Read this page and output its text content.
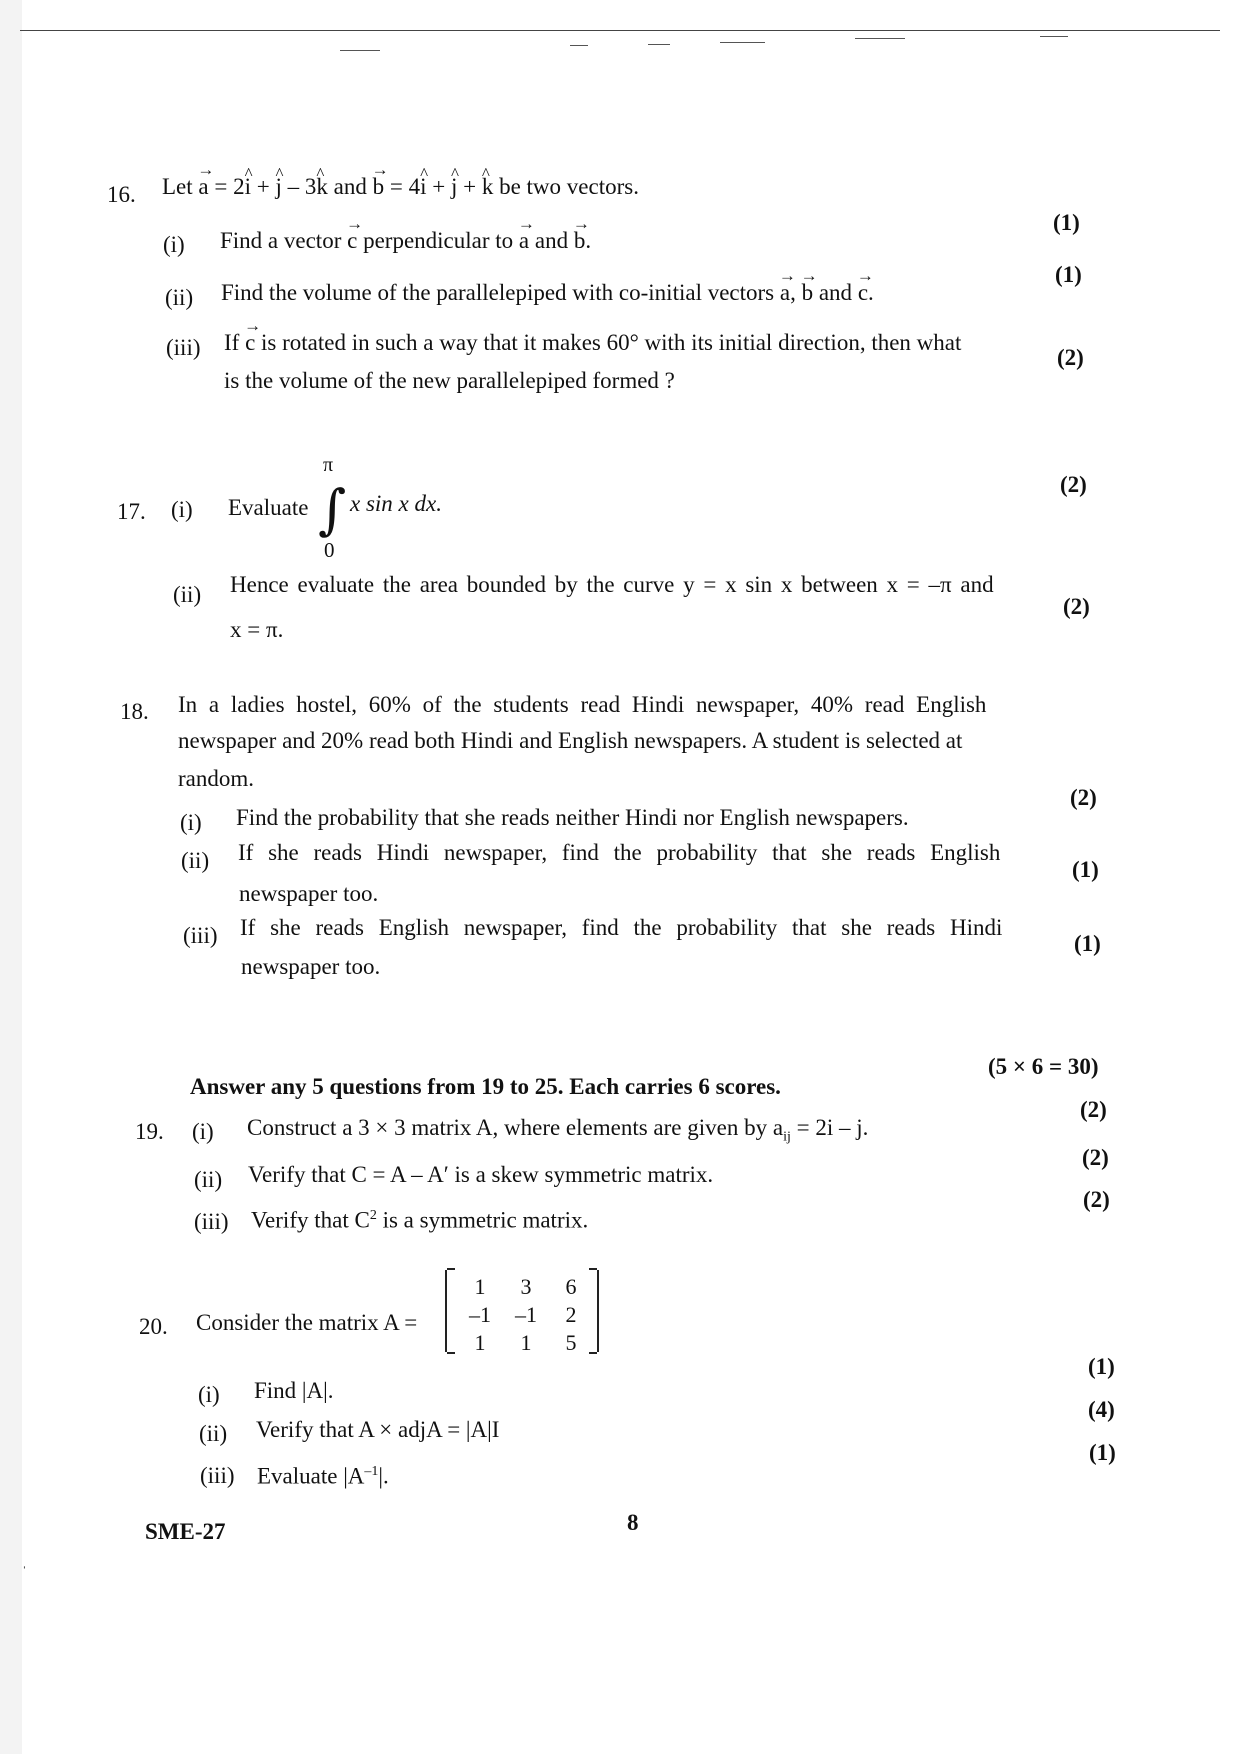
16. Let → a = 2^ i + ^ j – 3^ k and → b = 4^ i + ^ j + ^ k be two vectors.
(i) Find a vector → c perpendicular to → a and → b.
(1)
(ii) Find the volume of the parallelepiped with co-initial vectors → a, → b and → c.
(1)
(iii) If → c is rotated in such a way that it makes 60° with its initial direction, then what
is the volume of the new parallelepiped formed ?
(2)
17. (i) Evaluate
π
∫
0
x sin x dx.
(2)
(ii) Hence evaluate the area bounded by the curve y = x sin x between x = –π and
x = π.
(2)
18. In a ladies hostel, 60% of the students read Hindi newspaper, 40% read English
newspaper and 20% read both Hindi and English newspapers. A student is selected at
random.
(i) Find the probability that she reads neither Hindi nor English newspapers.
(2)
(ii) If she reads Hindi newspaper, find the probability that she reads English
newspaper too.
(1)
(iii) If she reads English newspaper, find the probability that she reads Hindi
newspaper too.
(1)
Answer any 5 questions from 19 to 25. Each carries 6 scores.
(5 × 6 = 30)
19. (i) Construct a 3 × 3 matrix A, where elements are given by $a_{ij} = 2i - j$.
(2)
(ii) Verify that C = A – A′ is a skew symmetric matrix.
(2)
(iii) Verify that $C^2$ is a symmetric matrix.
(2)
20. Consider the matrix A =
1	3	6
–1 –1	2
1	1	5
(i) Find |A|.
(1)
(ii) Verify that A × adjA = |A|I
(4)
(iii) Evaluate $|A^{-1}|$.
(1)
SME-27	8
ˈ
